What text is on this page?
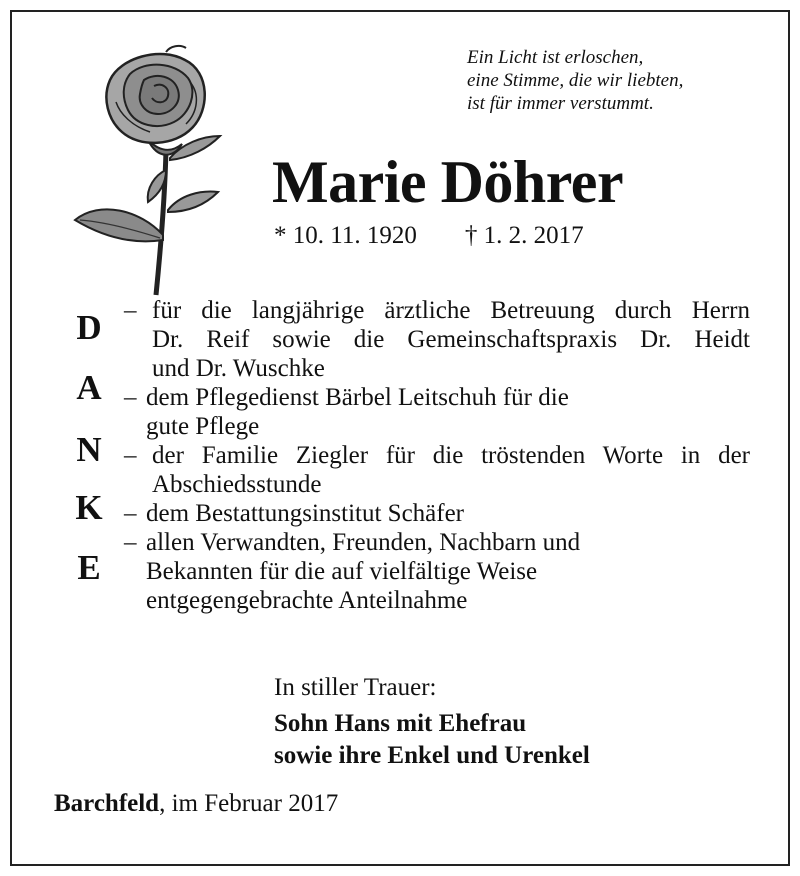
Ein Licht ist erloschen,
eine Stimme, die wir liebten,
ist für immer verstummt.
Marie Döhrer
* 10. 11. 1920 † 1. 2. 2017
D
A
N
K
E
– für die langjährige ärztliche Betreuung durch Herrn
Dr. Reif sowie die Gemeinschaftspraxis Dr. Heidt
und Dr. Wuschke
– dem Pflegedienst Bärbel Leitschuh für die
gute Pflege
– der Familie Ziegler für die tröstenden Worte in der
Abschiedsstunde
– dem Bestattungsinstitut Schäfer
– allen Verwandten, Freunden, Nachbarn und
Bekannten für die auf vielfältige Weise
entgegengebrachte Anteilnahme
In stiller Trauer:
Sohn Hans mit Ehefrau
sowie ihre Enkel und Urenkel
Barchfeld, im Februar 2017
